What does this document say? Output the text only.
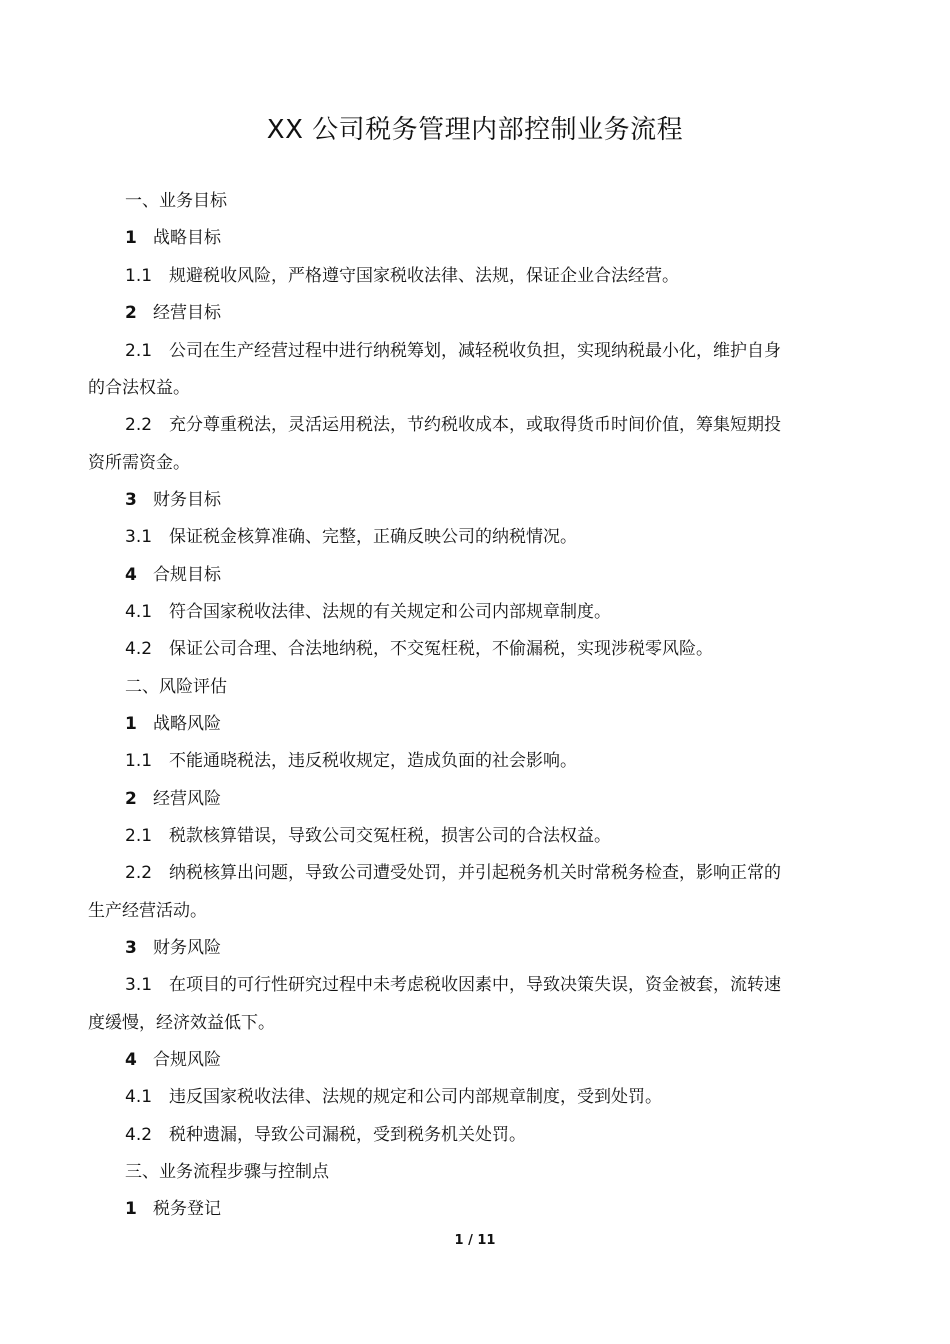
XX 公司税务管理内部控制业务流程
一、业务目标
1 战略目标
1.1 规避税收风险，严格遵守国家税收法律、法规，保证企业合法经营。
2 经营目标
2.1 公司在生产经营过程中进行纳税筹划，减轻税收负担，实现纳税最小化，维护自身
的合法权益。
2.2 充分尊重税法，灵活运用税法，节约税收成本，或取得货币时间价值，筹集短期投
资所需资金。
3 财务目标
3.1 保证税金核算准确、完整，正确反映公司的纳税情况。
4 合规目标
4.1 符合国家税收法律、法规的有关规定和公司内部规章制度。
4.2 保证公司合理、合法地纳税，不交冤枉税，不偷漏税，实现涉税零风险。
二、风险评估
1 战略风险
1.1 不能通晓税法，违反税收规定，造成负面的社会影响。
2 经营风险
2.1 税款核算错误，导致公司交冤枉税，损害公司的合法权益。
2.2 纳税核算出问题，导致公司遭受处罚，并引起税务机关时常税务检查，影响正常的
生产经营活动。
3 财务风险
3.1 在项目的可行性研究过程中未考虑税收因素中，导致决策失误，资金被套，流转速
度缓慢，经济效益低下。
4 合规风险
4.1 违反国家税收法律、法规的规定和公司内部规章制度，受到处罚。
4.2 税种遗漏，导致公司漏税，受到税务机关处罚。
三、业务流程步骤与控制点
1 税务登记
1 / 11
